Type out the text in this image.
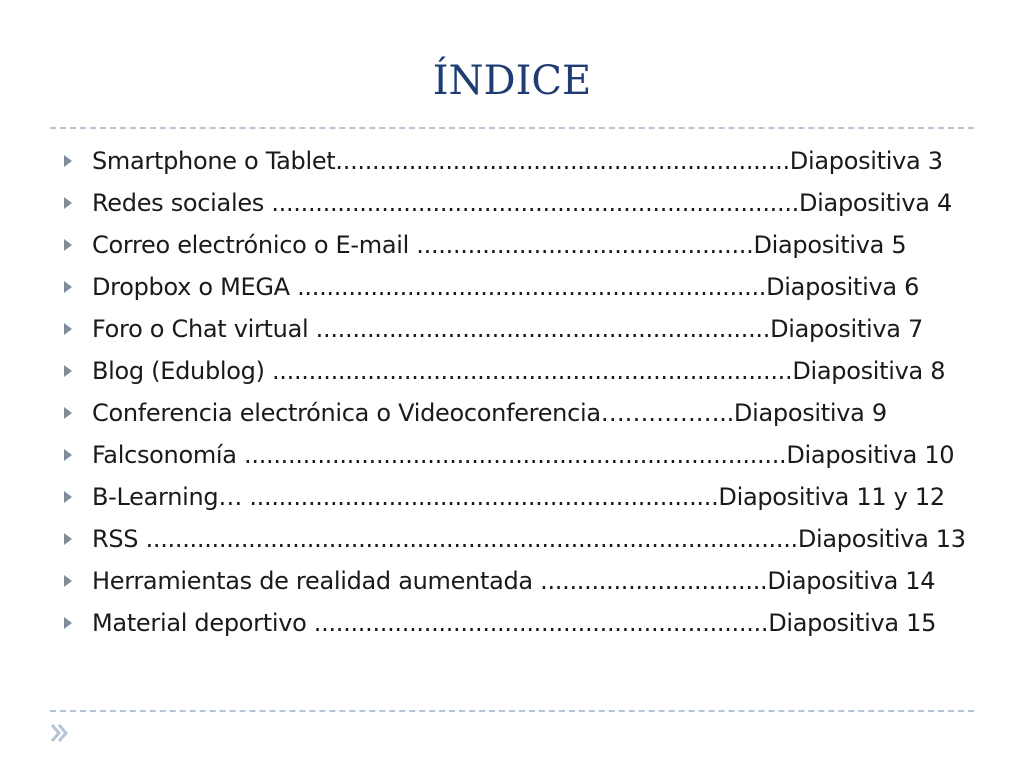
ÍNDICE
Smartphone o Tablet..............................................................Diapositiva 3
Redes sociales ........................................................................Diapositiva 4
Correo electrónico o E-mail ..............................................Diapositiva 5
Dropbox o MEGA ................................................................Diapositiva 6
Foro o Chat virtual ..............................................................Diapositiva 7
Blog (Edublog) .......................................................................Diapositiva 8
Conferencia electrónica o Videoconferencia……………..Diapositiva 9
Falcsonomía ..........................................................................Diapositiva 10
B-Learning… ................................................................Diapositiva 11 y 12
RSS .........................................................................................Diapositiva 13
Herramientas de realidad aumentada ...............................Diapositiva 14
Material deportivo ..............................................................Diapositiva 15
